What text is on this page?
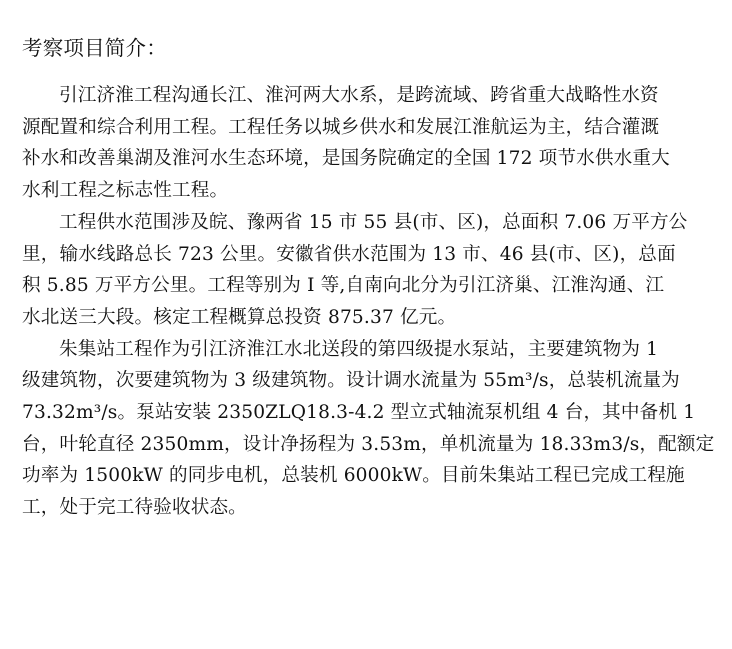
考察项目简介：

引江济淮工程沟通长江、淮河两大水系，是跨流域、跨省重大战略性水资
源配置和综合利用工程。工程任务以城乡供水和发展江淮航运为主，结合灌溉
补水和改善巢湖及淮河水生态环境，是国务院确定的全国 172 项节水供水重大
水利工程之标志性工程。

工程供水范围涉及皖、豫两省 15 市 55 县(市、区)，总面积 7.06 万平方公
里，输水线路总长 723 公里。安徽省供水范围为 13 市、46 县(市、区)，总面
积 5.85 万平方公里。工程等别为 I 等,自南向北分为引江济巢、江淮沟通、江
水北送三大段。核定工程概算总投资 875.37 亿元。

朱集站工程作为引江济淮江水北送段的第四级提水泵站，主要建筑物为 1
级建筑物，次要建筑物为 3 级建筑物。设计调水流量为 55m³/s，总装机流量为
73.32m³/s。泵站安装 2350ZLQ18.3-4.2 型立式轴流泵机组 4 台，其中备机 1
台，叶轮直径 2350mm，设计净扬程为 3.53m，单机流量为 18.33m3/s，配额定
功率为 1500kW 的同步电机，总装机 6000kW。目前朱集站工程已完成工程施
工，处于完工待验收状态。
